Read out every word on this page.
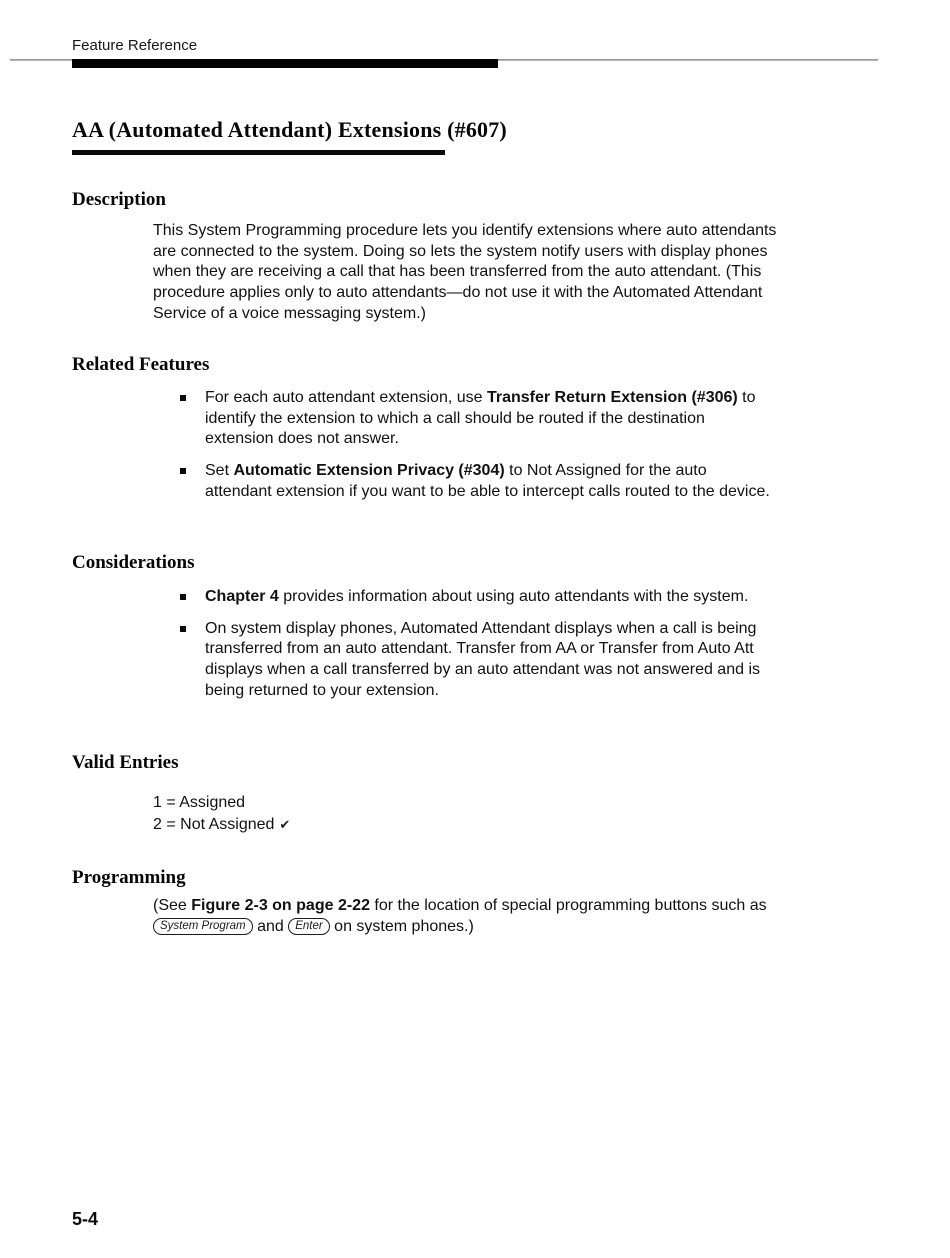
Feature Reference
AA (Automated Attendant) Extensions (#607)
Description
This System Programming procedure lets you identify extensions where auto attendants are connected to the system. Doing so lets the system notify users with display phones when they are receiving a call that has been transferred from the auto attendant. (This procedure applies only to auto attendants—do not use it with the Automated Attendant Service of a voice messaging system.)
Related Features
For each auto attendant extension, use Transfer Return Extension (#306) to identify the extension to which a call should be routed if the destination extension does not answer.
Set Automatic Extension Privacy (#304) to Not Assigned for the auto attendant extension if you want to be able to intercept calls routed to the device.
Considerations
Chapter 4 provides information about using auto attendants with the system.
On system display phones, Automated Attendant displays when a call is being transferred from an auto attendant. Transfer from AA or Transfer from Auto Att displays when a call transferred by an auto attendant was not answered and is being returned to your extension.
Valid Entries
1 = Assigned
2 = Not Assigned ✔
Programming
(See Figure 2-3 on page 2-22 for the location of special programming buttons such as System Program and Enter on system phones.)
5-4
